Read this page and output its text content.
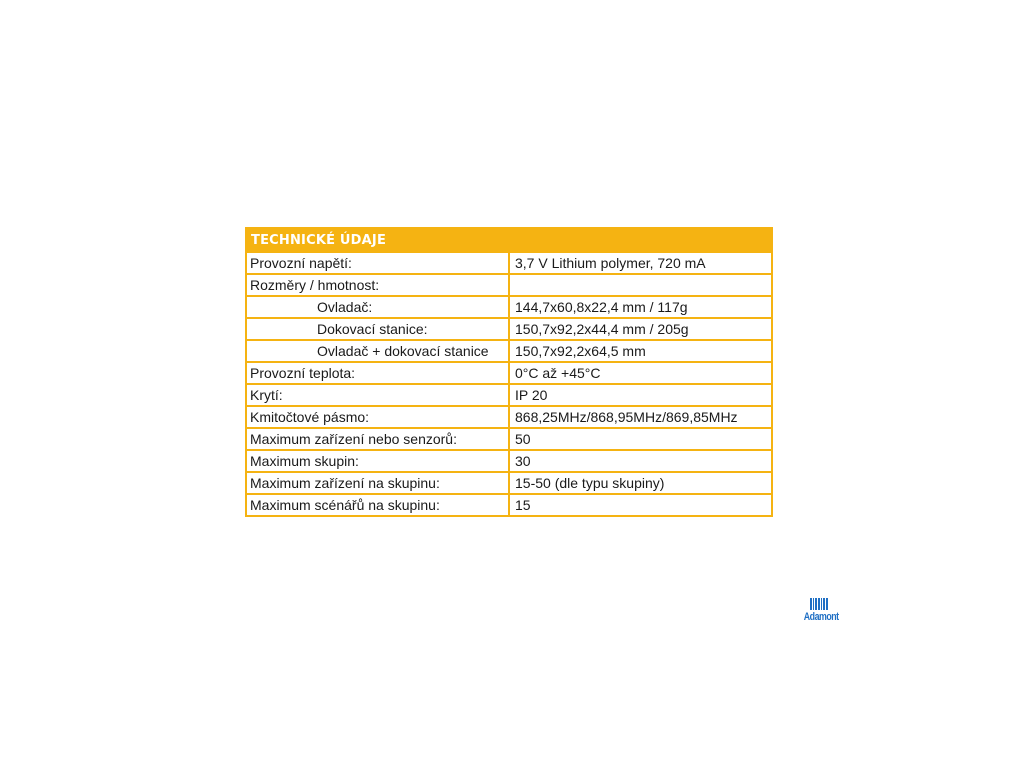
TECHNICKÉ ÚDAJE	
Provozní napětí:	3,7 V Lithium polymer, 720 mA
Rozměry / hmotnost:	
Ovladač:	144,7x60,8x22,4 mm / 117g
Dokovací stanice:	150,7x92,2x44,4 mm / 205g
Ovladač + dokovací stanice	150,7x92,2x64,5 mm
Provozní teplota:	0°C až +45°C
Krytí:	IP 20
Kmitočtové pásmo:	868,25MHz/868,95MHz/869,85MHz
Maximum zařízení nebo senzorů:	50
Maximum skupin:	30
Maximum zařízení na skupinu:	15-50 (dle typu skupiny)
Maximum scénářů na skupinu:	15
Adamont
